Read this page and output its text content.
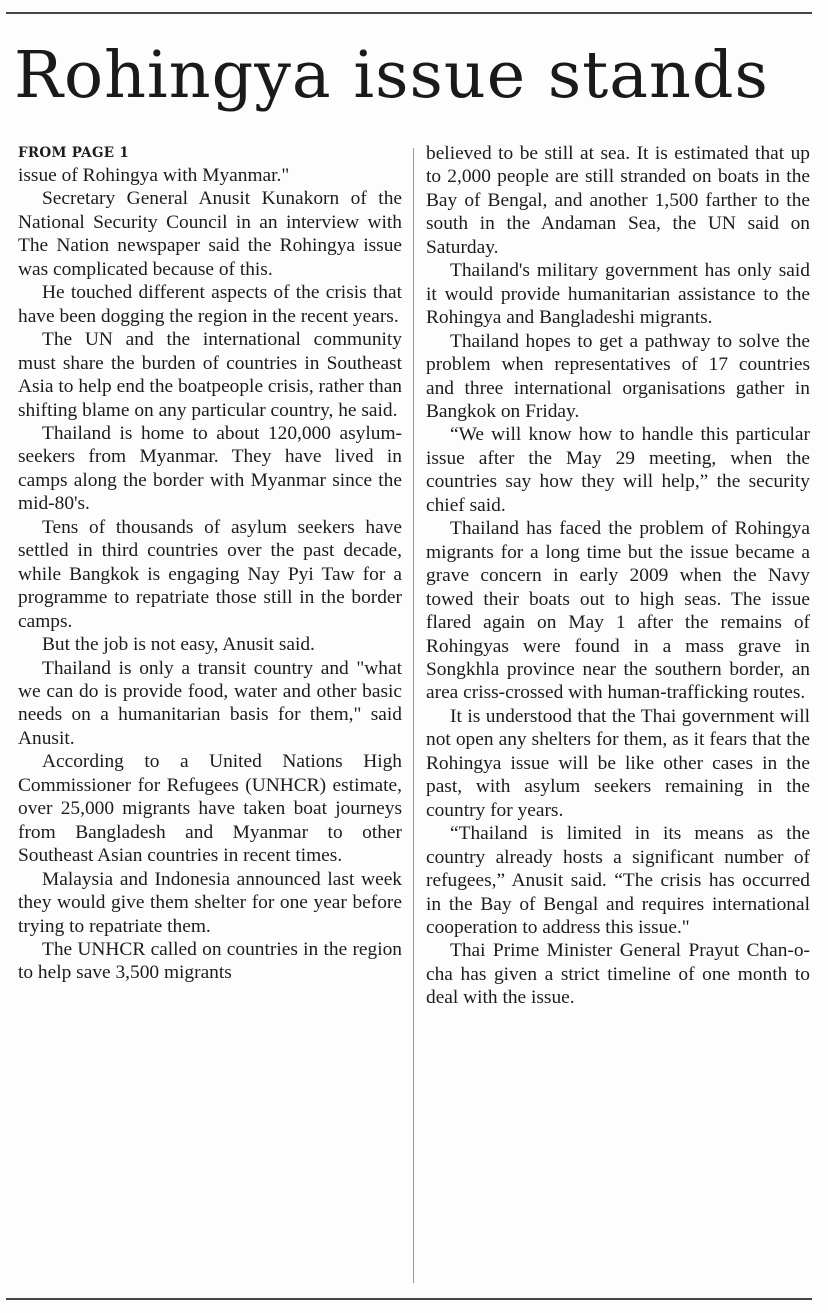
Rohingya issue stands
FROM PAGE 1

issue of Rohingya with Myanmar."

Secretary General Anusit Kunakorn of the National Security Council in an interview with The Nation newspaper said the Rohingya issue was complicated because of this.

He touched different aspects of the crisis that have been dogging the region in the recent years.

The UN and the international community must share the burden of countries in Southeast Asia to help end the boatpeople crisis, rather than shifting blame on any particular country, he said.

Thailand is home to about 120,000 asylum-seekers from Myanmar. They have lived in camps along the border with Myanmar since the mid-80's.

Tens of thousands of asylum seekers have settled in third countries over the past decade, while Bangkok is engaging Nay Pyi Taw for a programme to repatriate those still in the border camps.

But the job is not easy, Anusit said.

Thailand is only a transit country and "what we can do is provide food, water and other basic needs on a humanitarian basis for them," said Anusit.

According to a United Nations High Commissioner for Refugees (UNHCR) estimate, over 25,000 migrants have taken boat journeys from Bangladesh and Myanmar to other Southeast Asian countries in recent times.

Malaysia and Indonesia announced last week they would give them shelter for one year before trying to repatriate them.

The UNHCR called on countries in the region to help save 3,500 migrants

believed to be still at sea. It is estimated that up to 2,000 people are still stranded on boats in the Bay of Bengal, and another 1,500 farther to the south in the Andaman Sea, the UN said on Saturday.

Thailand's military government has only said it would provide humanitarian assistance to the Rohingya and Bangladeshi migrants.

Thailand hopes to get a pathway to solve the problem when representatives of 17 countries and three international organisations gather in Bangkok on Friday.

“We will know how to handle this particular issue after the May 29 meeting, when the countries say how they will help,” the security chief said.

Thailand has faced the problem of Rohingya migrants for a long time but the issue became a grave concern in early 2009 when the Navy towed their boats out to high seas. The issue flared again on May 1 after the remains of Rohingyas were found in a mass grave in Songkhla province near the southern border, an area criss-crossed with human-trafficking routes.

It is understood that the Thai government will not open any shelters for them, as it fears that the Rohingya issue will be like other cases in the past, with asylum seekers remaining in the country for years.

“Thailand is limited in its means as the country already hosts a significant number of refugees,” Anusit said. “The crisis has occurred in the Bay of Bengal and requires international cooperation to address this issue."

Thai Prime Minister General Prayut Chan-o-cha has given a strict timeline of one month to deal with the issue.
